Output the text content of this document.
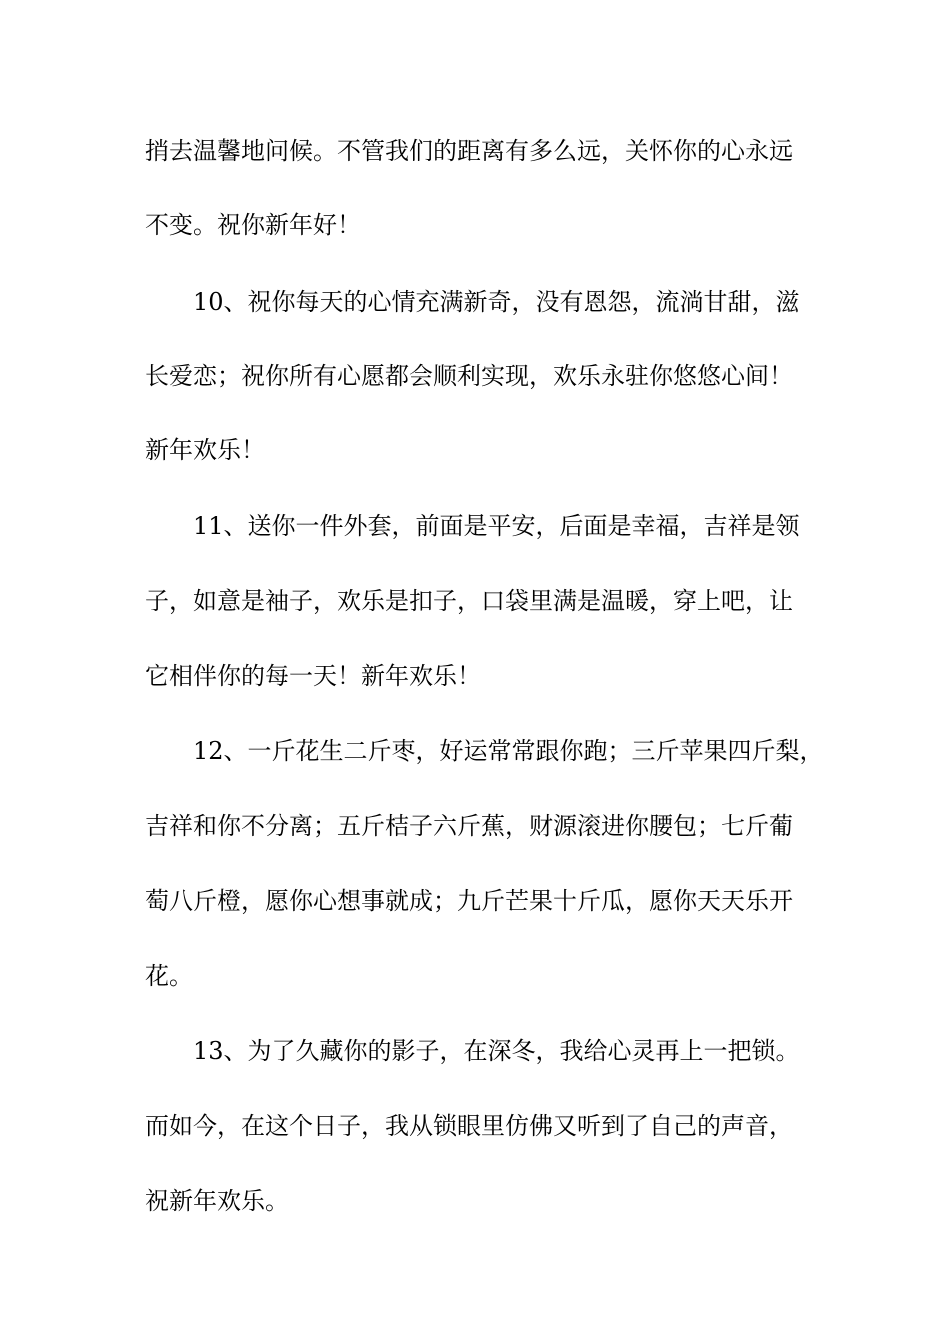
捎去温馨地问候。不管我们的距离有多么远，关怀你的心永远
不变。祝你新年好！
10、祝你每天的心情充满新奇，没有恩怨，流淌甘甜，滋
长爱恋；祝你所有心愿都会顺利实现，欢乐永驻你悠悠心间！
新年欢乐！
11、送你一件外套，前面是平安，后面是幸福，吉祥是领
子，如意是袖子，欢乐是扣子，口袋里满是温暖，穿上吧，让
它相伴你的每一天！新年欢乐！
12、一斤花生二斤枣，好运常常跟你跑；三斤苹果四斤梨，
吉祥和你不分离；五斤桔子六斤蕉，财源滚进你腰包；七斤葡
萄八斤橙，愿你心想事就成；九斤芒果十斤瓜，愿你天天乐开
花。
13、为了久藏你的影子，在深冬，我给心灵再上一把锁。
而如今，在这个日子，我从锁眼里仿佛又听到了自己的声音，
祝新年欢乐。
